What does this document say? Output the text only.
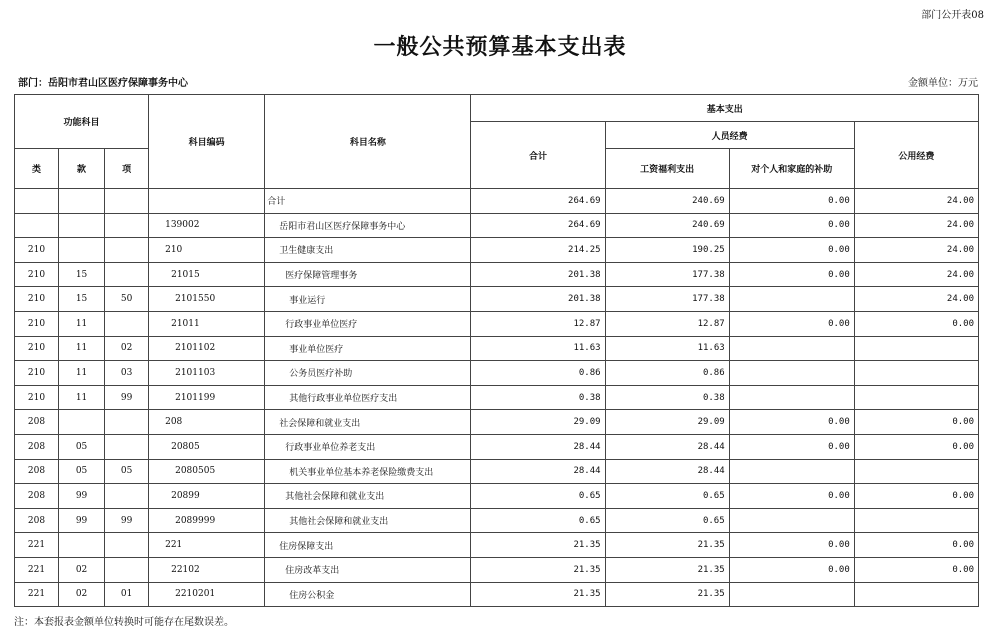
部门公开表08
一般公共预算基本支出表
部门：岳阳市君山区医疗保障事务中心	金额单位：万元
功能科目			科目编码	科目名称	基本支出			
					合计	人员经费		公用经费
类	款	项				工资福利支出	对个人和家庭的补助	
				合计	264.69	240.69	0.00	24.00
			139002	岳阳市君山区医疗保障事务中心	264.69	240.69	0.00	24.00
210			210	卫生健康支出	214.25	190.25	0.00	24.00
210	15		21015	医疗保障管理事务	201.38	177.38	0.00	24.00
210	15	50	2101550	事业运行	201.38	177.38		24.00
210	11		21011	行政事业单位医疗	12.87	12.87	0.00	0.00
210	11	02	2101102	事业单位医疗	11.63	11.63		
210	11	03	2101103	公务员医疗补助	0.86	0.86		
210	11	99	2101199	其他行政事业单位医疗支出	0.38	0.38		
208			208	社会保障和就业支出	29.09	29.09	0.00	0.00
208	05		20805	行政事业单位养老支出	28.44	28.44	0.00	0.00
208	05	05	2080505	机关事业单位基本养老保险缴费支出	28.44	28.44		
208	99		20899	其他社会保障和就业支出	0.65	0.65	0.00	0.00
208	99	99	2089999	其他社会保障和就业支出	0.65	0.65		
221			221	住房保障支出	21.35	21.35	0.00	0.00
221	02		22102	住房改革支出	21.35	21.35	0.00	0.00
221	02	01	2210201	住房公积金	21.35	21.35		
注：本套报表金额单位转换时可能存在尾数误差。
